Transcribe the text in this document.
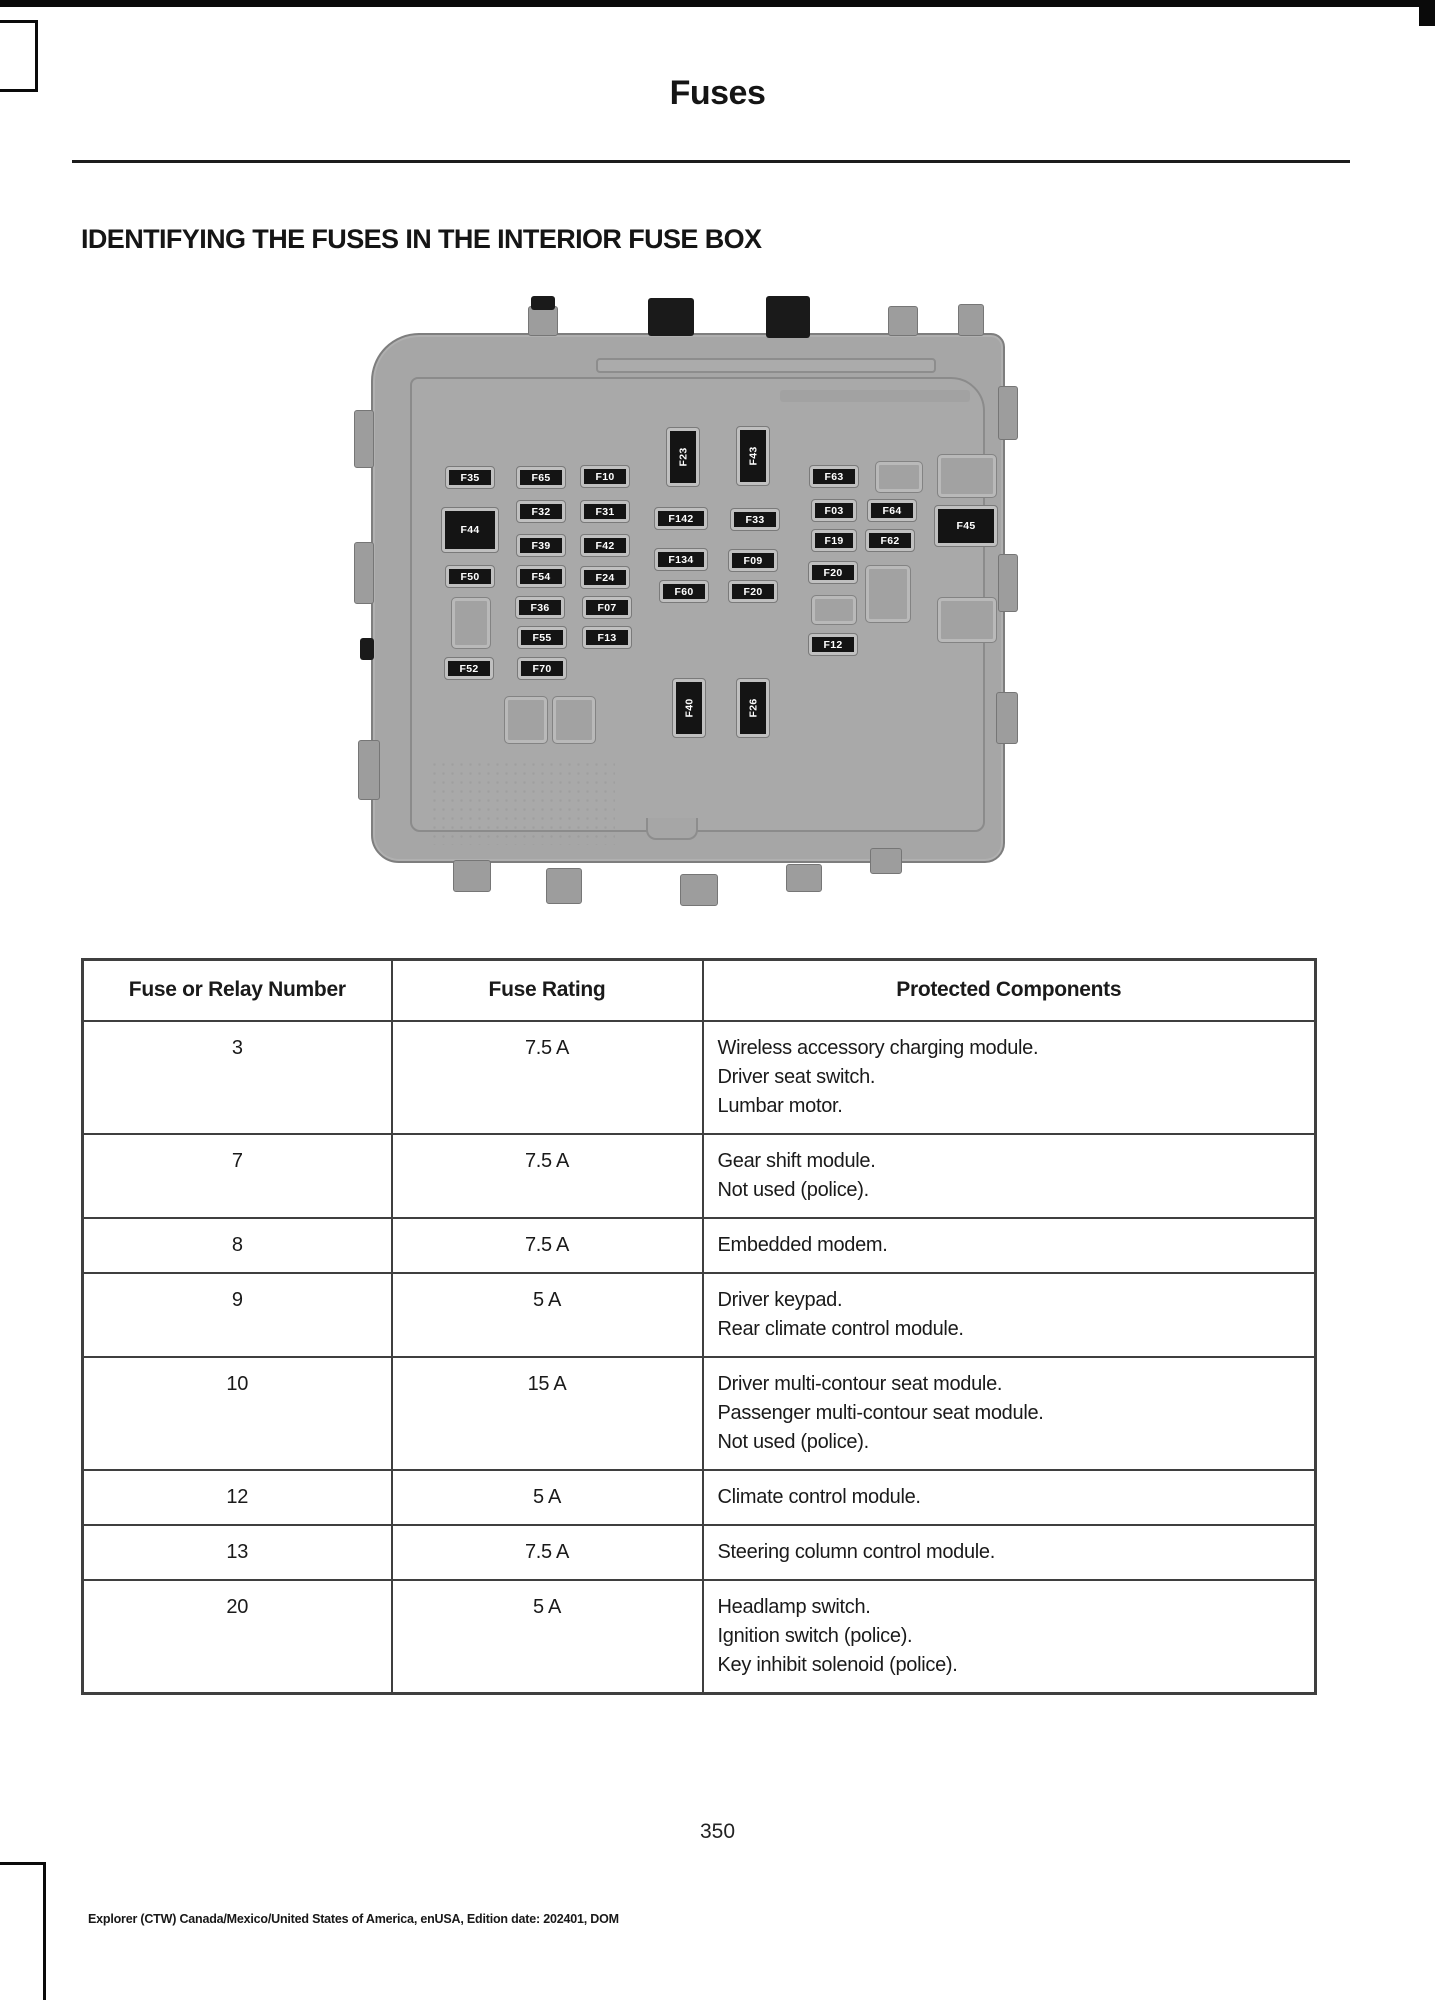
Fuses
IDENTIFYING THE FUSES IN THE INTERIOR FUSE BOX
F35
F44
F50
F52
F65
F32
F39
F54
F36
F55
F70
F10
F31
F42
F24
F07
F13
F23	F43
F142
F134
F60
F33
F09
F20
F40	F26
F63
F03
F19
F20
F12
F64
F62
F45
Fuse or Relay Number	Fuse Rating	Protected Components
3	7.5 A	Wireless accessory charging module.
Driver seat switch.
Lumbar motor.

7	7.5 A	Gear shift module.
Not used (police).

8	7.5 A	Embedded modem.

9	5 A	Driver keypad.
Rear climate control module.

10	15 A	Driver multi-contour seat module.
Passenger multi-contour seat module.
Not used (police).

12	5 A	Climate control module.

13	7.5 A	Steering column control module.

20	5 A	Headlamp switch.
Ignition switch (police).
Key inhibit solenoid (police).
350
Explorer (CTW) Canada/Mexico/United States of America, enUSA, Edition date: 202401, DOM
